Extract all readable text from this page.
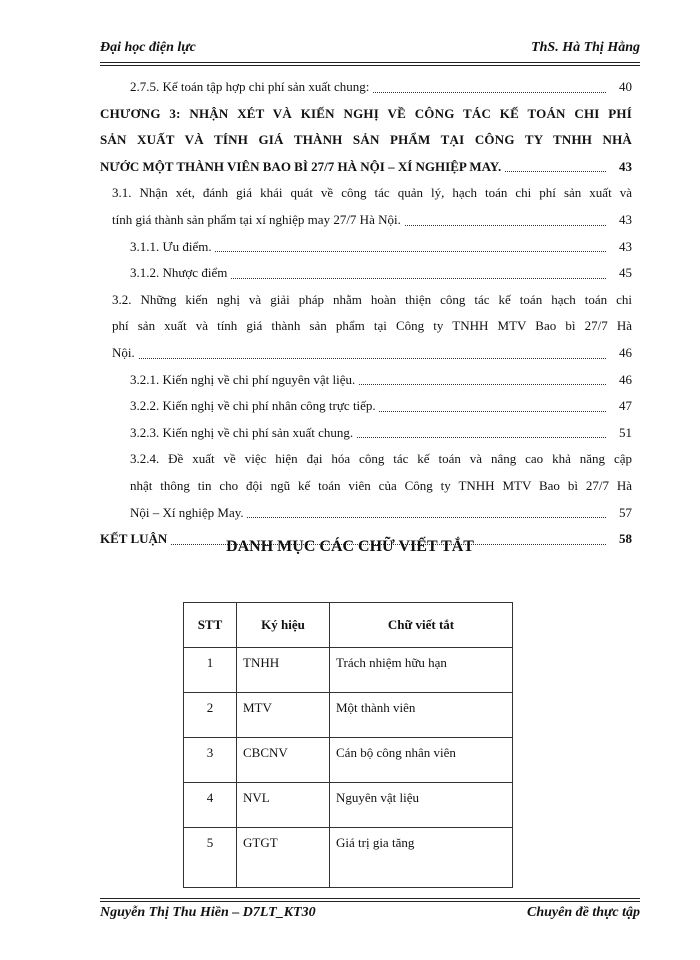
Đại học điện lực	ThS. Hà Thị Hằng
2.7.5. Kế toán tập hợp chi phí sản xuất chung:	40
CHƯƠNG 3: NHẬN XÉT VÀ KIẾN NGHỊ VỀ CÔNG TÁC KẾ TOÁN CHI PHÍ
SẢN XUẤT VÀ TÍNH GIÁ THÀNH SẢN PHẨM TẠI CÔNG TY TNHH NHÀ
NƯỚC MỘT THÀNH VIÊN BAO BÌ 27/7 HÀ NỘI – XÍ NGHIỆP MAY.	43
3.1. Nhận xét, đánh giá khái quát về công tác quản lý, hạch toán chi phí sản xuất và
tính giá thành sản phẩm tại xí nghiệp may 27/7 Hà Nội.	43
3.1.1. Ưu điểm.	43
3.1.2. Nhược điểm	45
3.2. Những kiến nghị và giải pháp nhằm hoàn thiện công tác kế toán hạch toán chi
phí sản xuất và tính giá thành sản phẩm tại Công ty TNHH MTV Bao bì 27/7 Hà
Nội.	46
3.2.1. Kiến nghị về chi phí nguyên vật liệu.	46
3.2.2. Kiến nghị về chi phí nhân công trực tiếp.	47
3.2.3. Kiến nghị về chi phí sản xuất chung.	51
3.2.4. Đề xuất về việc hiện đại hóa công tác kế toán và nâng cao khả năng cập
nhật thông tin cho đội ngũ kế toán viên của Công ty TNHH MTV Bao bì 27/7 Hà
Nội – Xí nghiệp May.	57
KẾT LUẬN	58
DANH MỤC CÁC CHỮ VIẾT TẮT
STT	Ký hiệu	Chữ viết tắt
1	TNHH	Trách nhiệm hữu hạn
2	MTV	Một thành viên
3	CBCNV	Cán bộ công nhân viên
4	NVL	Nguyên vật liệu
5	GTGT	Giá trị gia tăng
Nguyễn Thị Thu Hiền – D7LT_KT30	Chuyên đề thực tập
